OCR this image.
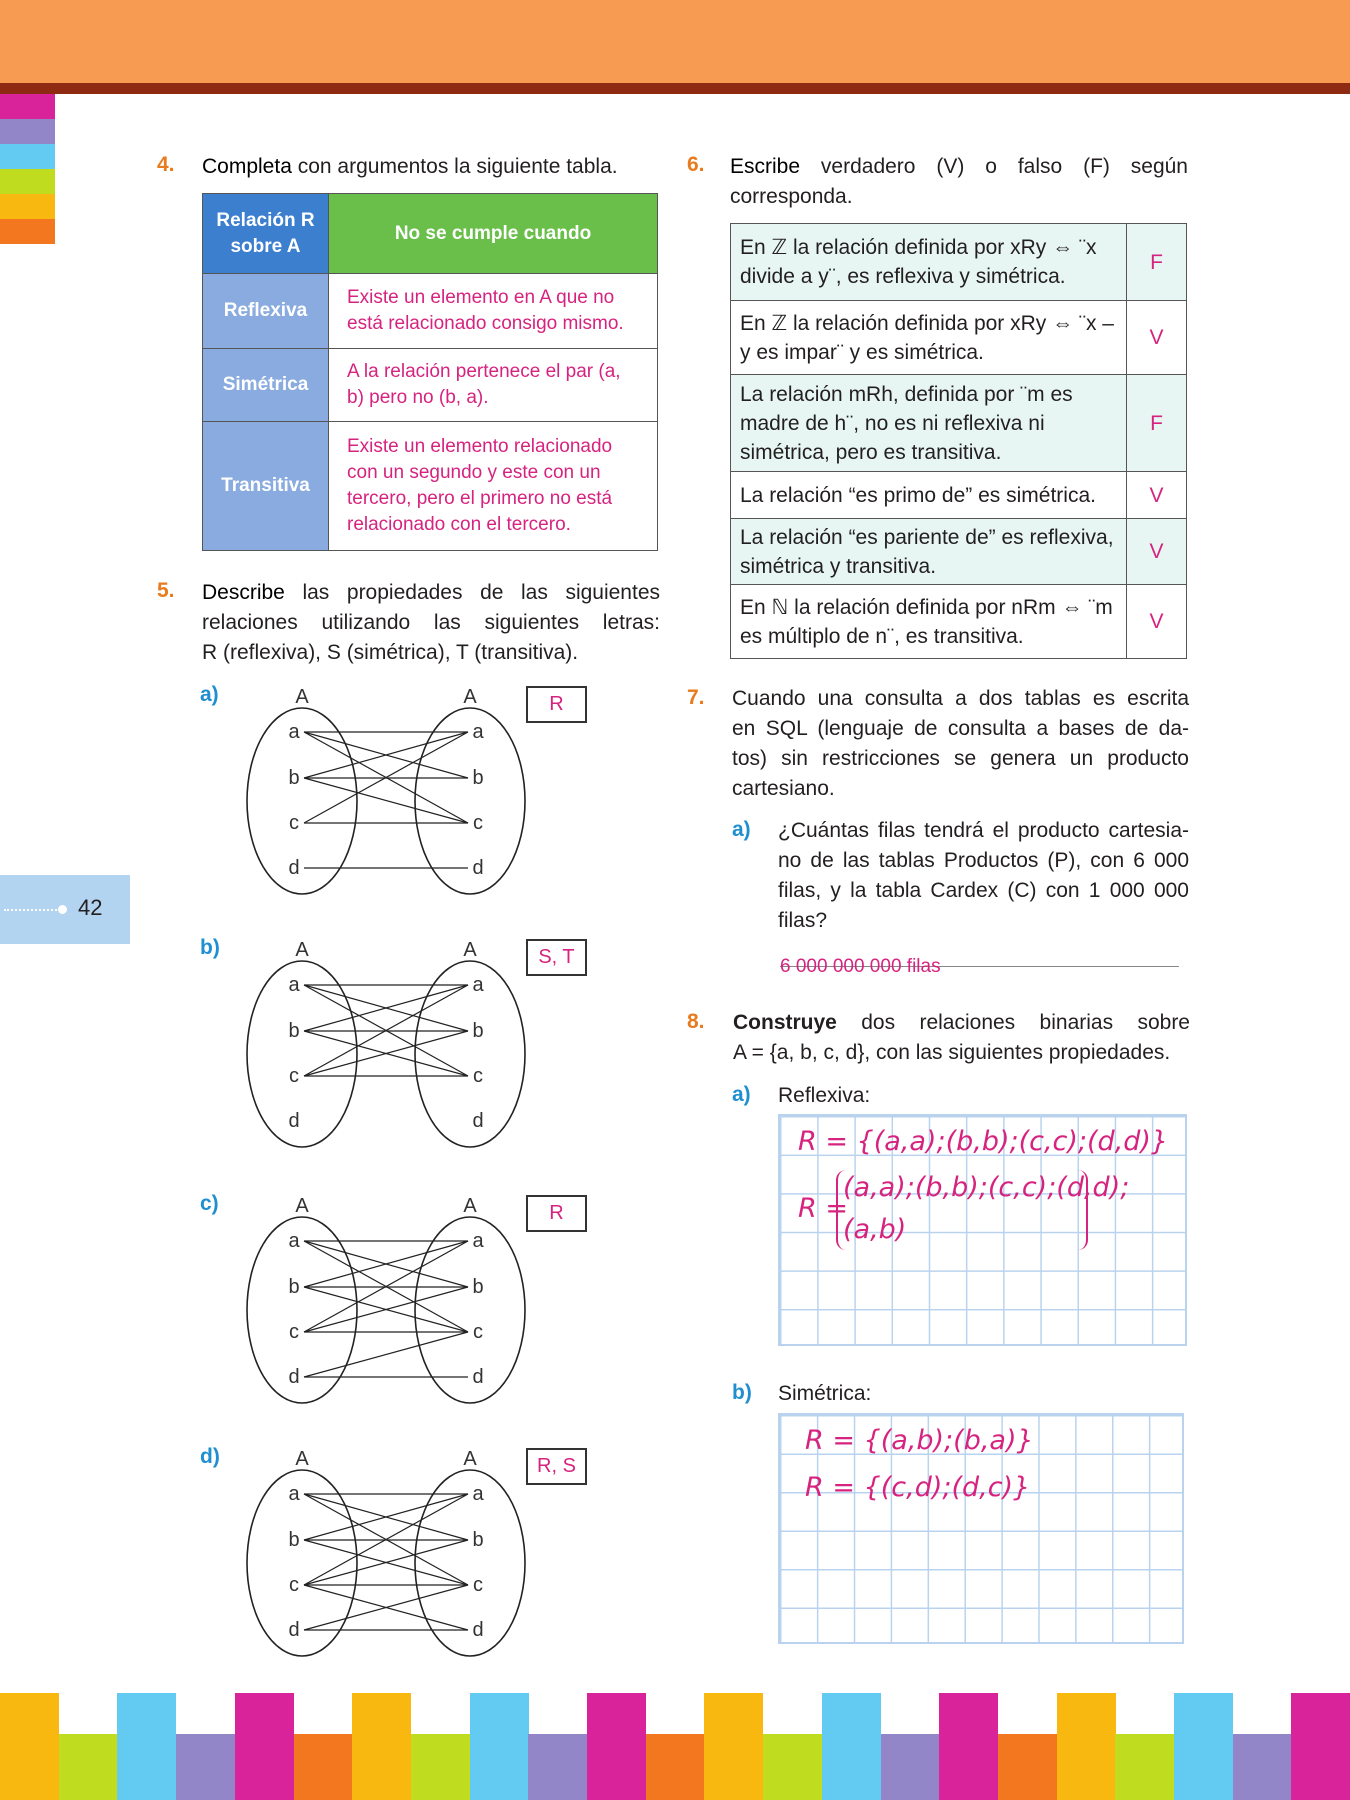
42
4. Completa con argumentos la siguiente tabla.
Relación R sobre A	No se cumple cuando
Reflexiva	Existe un elemento en A que no está relacionado consigo mismo.
Simétrica	A la relación pertenece el par (a, b) pero no (b, a).
Transitiva	Existe un elemento relacionado con un segundo y este con un tercero, pero el primero no está relacionado con el tercero.
5. Describe las propiedades de las siguientes
relaciones utilizando las siguientes letras:
R (reflexiva), S (simétrica), T (transitiva).
a)	R
A	A
a	a
b	b
c	c
d	d
b)	S, T
A	A
a	a
b	b
c	c
d	d
c)	R
A	A
a	a
b	b
c	c
d	d
d)	R, S
A	A
a	a
b	b
c	c
d	d
6. Escribe verdadero (V) o falso (F) según
corresponda.
En ℤ la relación definida por xRy ⇔ ¨x divide a y¨, es reflexiva y simétrica.	F
En ℤ la relación definida por xRy ⇔ ¨x – y es impar¨ y es simétrica.	V
La relación mRh, definida por ¨m es madre de h¨, no es ni reflexiva ni simétrica, pero es transitiva.	F
La relación “es primo de” es simétrica.	V
La relación “es pariente de” es reflexiva, simétrica y transitiva.	V
En ℕ la relación definida por nRm ⇔ ¨m es múltiplo de n¨, es transitiva.	V
7. Cuando una consulta a dos tablas es escrita
en SQL (lenguaje de consulta a bases de da-
tos) sin restricciones se genera un producto
cartesiano.
a) ¿Cuántas filas tendrá el producto cartesia-
no de las tablas Productos (P), con 6 000
filas, y la tabla Cardex (C) con 1 000 000
filas?
6 000 000 000 filas
8. Construye dos relaciones binarias sobre
A = {a, b, c, d}, con las siguientes propiedades.
a) Reflexiva:
R = {(a,a);(b,b);(c,c);(d,d)}
R =
(a,a);(b,b);(c,c);(d,d);
(a,b)
b) Simétrica:
R = {(a,b);(b,a)}
R = {(c,d);(d,c)}
